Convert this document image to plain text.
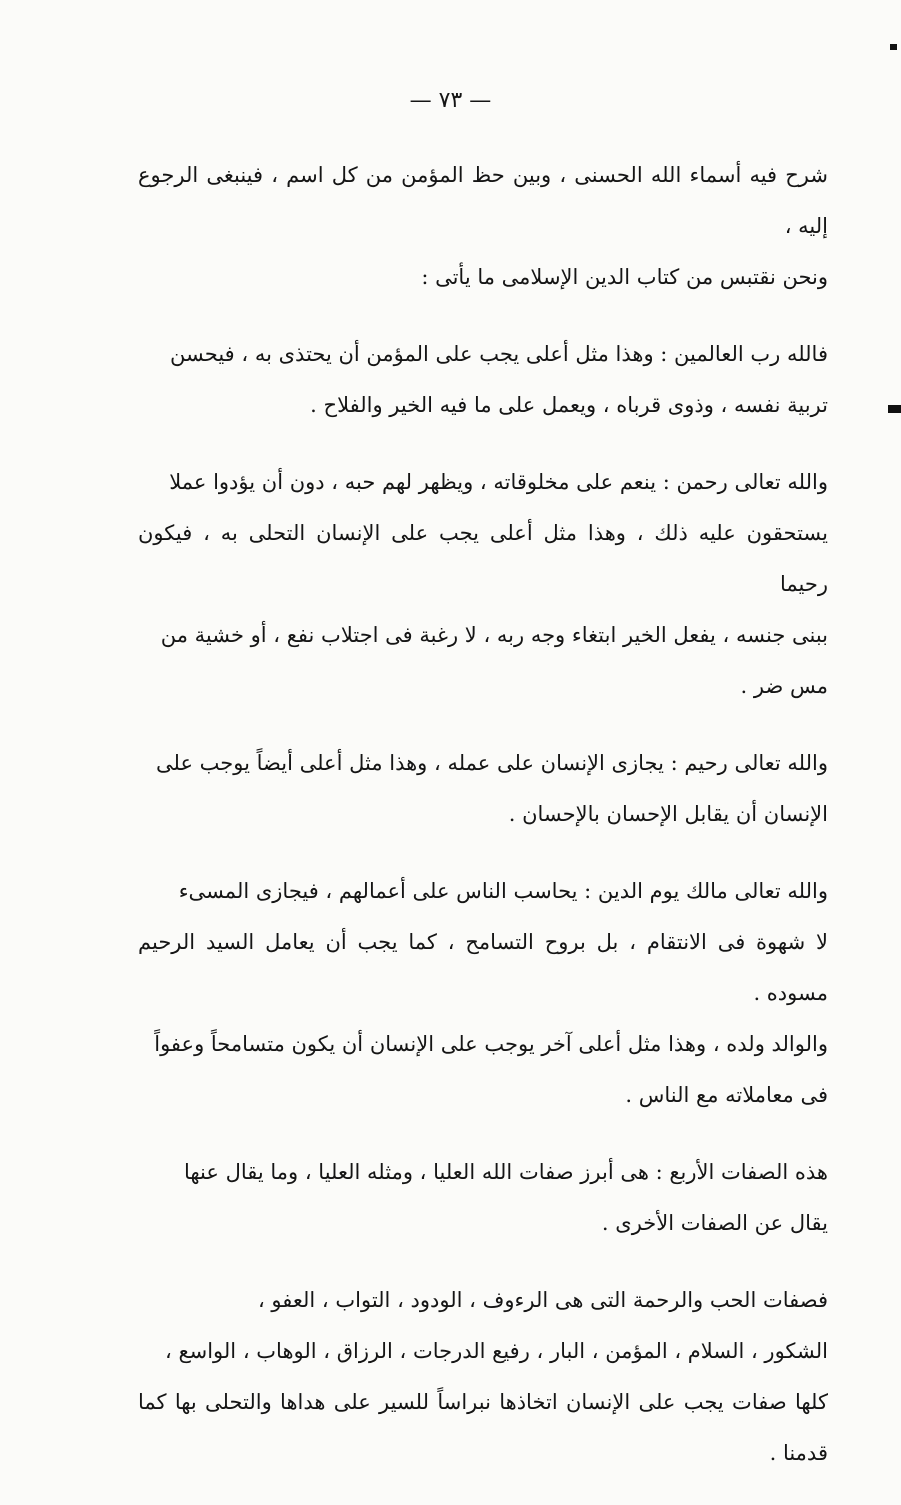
— ٧٣ —

شرح فيه أسماء الله الحسنى ، وبين حظ المؤمن من كل اسم ، فينبغى الرجوع إليه ،

ونحن نقتبس من كتاب الدين الإسلامى ما يأتى :

فالله رب العالمين : وهذا مثل أعلى يجب على المؤمن أن يحتذى به ، فيحسن

تربية نفسه ، وذوى قرباه ، ويعمل على ما فيه الخير والفلاح .

والله تعالى رحمن : ينعم على مخلوقاته ، ويظهر لهم حبه ، دون أن يؤدوا عملا

يستحقون عليه ذلك ، وهذا مثل أعلى يجب على الإنسان التحلى به ، فيكون رحيما

ببنى جنسه ، يفعل الخير ابتغاء وجه ربه ، لا رغبة فى اجتلاب نفع ، أو خشية من

مس ضر .

والله تعالى رحيم : يجازى الإنسان على عمله ، وهذا مثل أعلى أيضاً يوجب على

الإنسان أن يقابل الإحسان بالإحسان .

والله تعالى مالك يوم الدين : يحاسب الناس على أعمالهم ، فيجازى المسىء

لا شهوة فى الانتقام ، بل بروح التسامح ، كما يجب أن يعامل السيد الرحيم مسوده .

والوالد ولده ، وهذا مثل أعلى آخر يوجب على الإنسان أن يكون متسامحاً وعفواً

فى معاملاته مع الناس .

هذه الصفات الأربع : هى أبرز صفات الله العليا ، ومثله العليا ، وما يقال عنها

يقال عن الصفات الأخرى .

فصفات الحب والرحمة التى هى الرءوف ، الودود ، التواب ، العفو ،

الشكور ، السلام ، المؤمن ، البار ، رفيع الدرجات ، الرزاق ، الوهاب ، الواسع ،

كلها صفات يجب على الإنسان اتخاذها نبراساً للسير على هداها والتحلى بها كما قدمنا .
